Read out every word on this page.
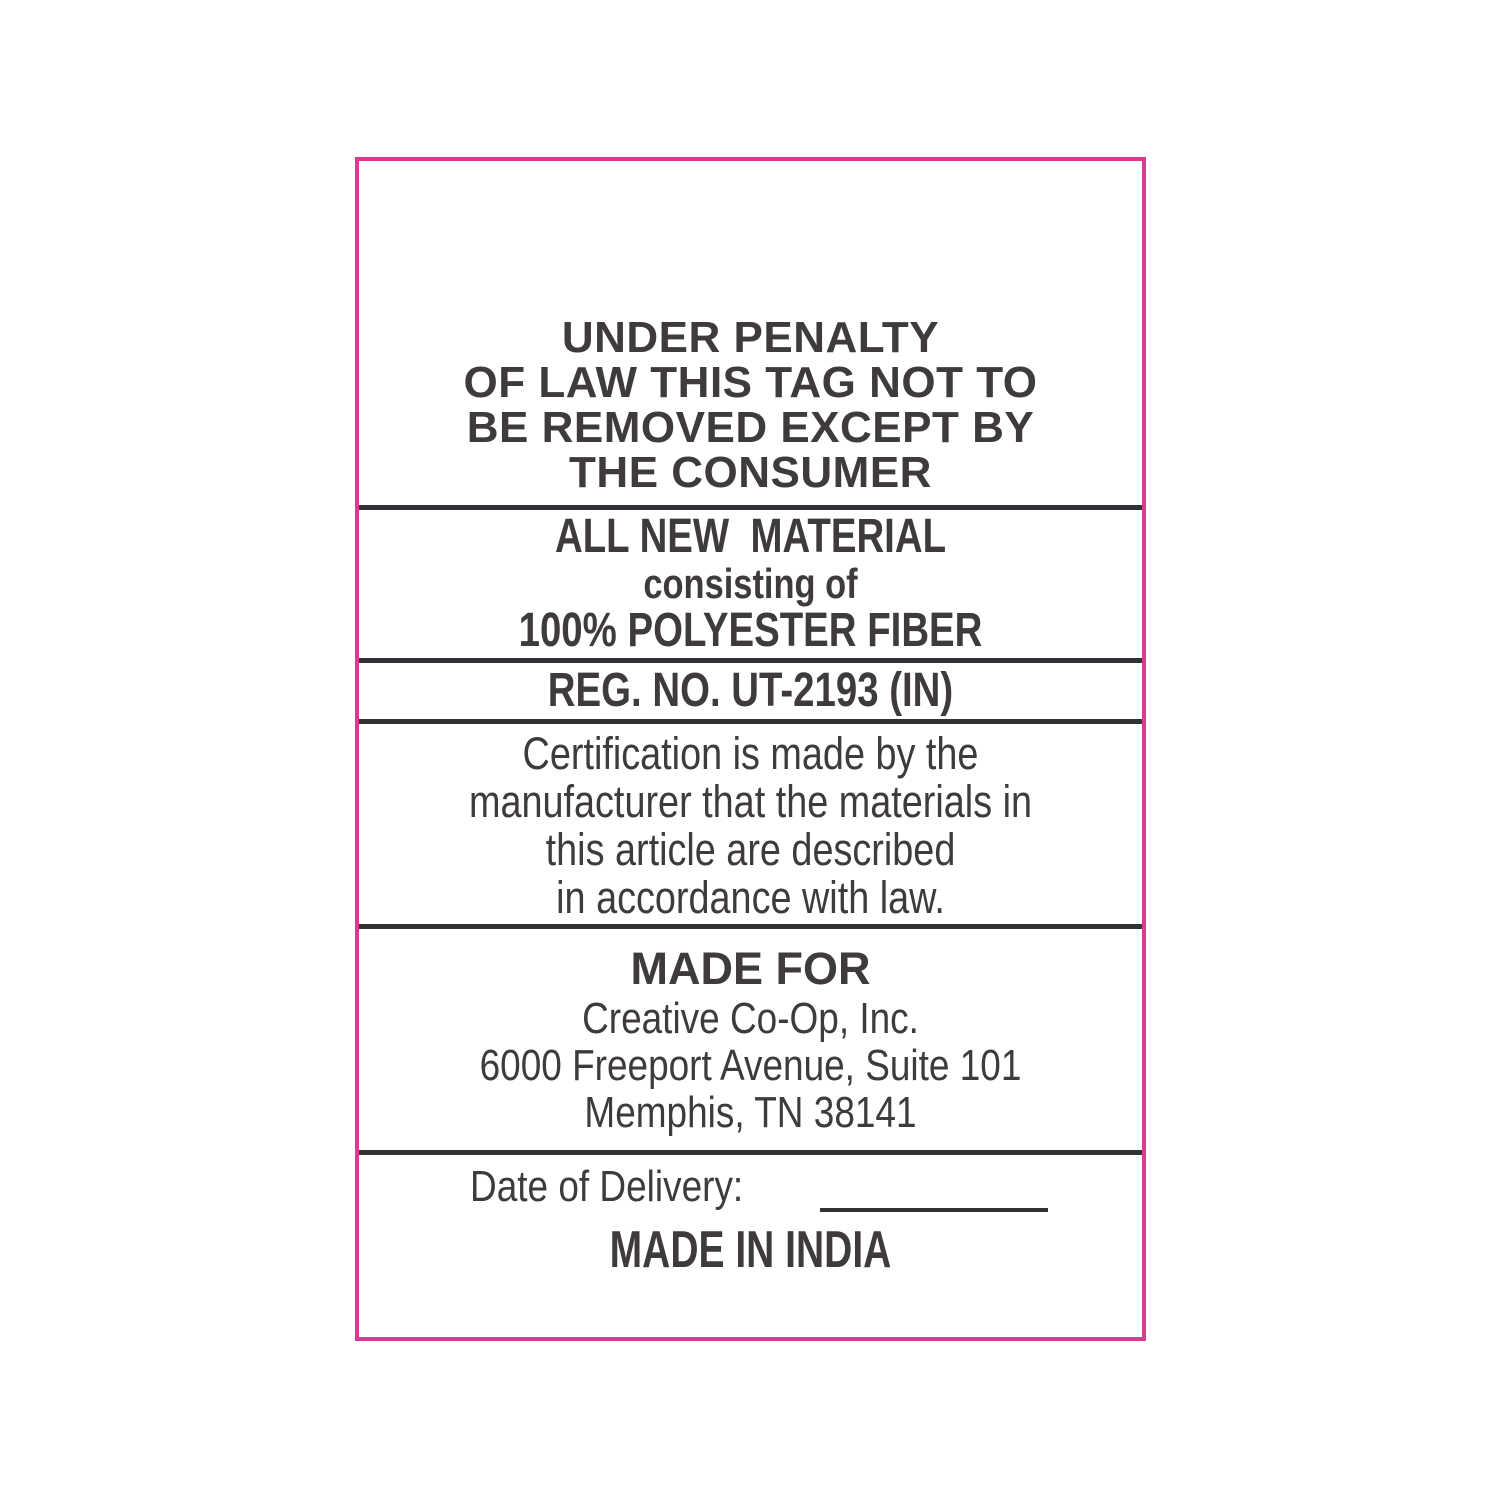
UNDER PENALTY
OF LAW THIS TAG NOT TO
BE REMOVED EXCEPT BY
THE CONSUMER
ALL NEW  MATERIAL
consisting of
100% POLYESTER FIBER
REG. NO. UT-2193 (IN)
Certification is made by the
manufacturer that the materials in
this article are described
in accordance with law.
MADE FOR
Creative Co-Op, Inc.
6000 Freeport Avenue, Suite 101
Memphis, TN 38141
Date of Delivery:
MADE IN INDIA
